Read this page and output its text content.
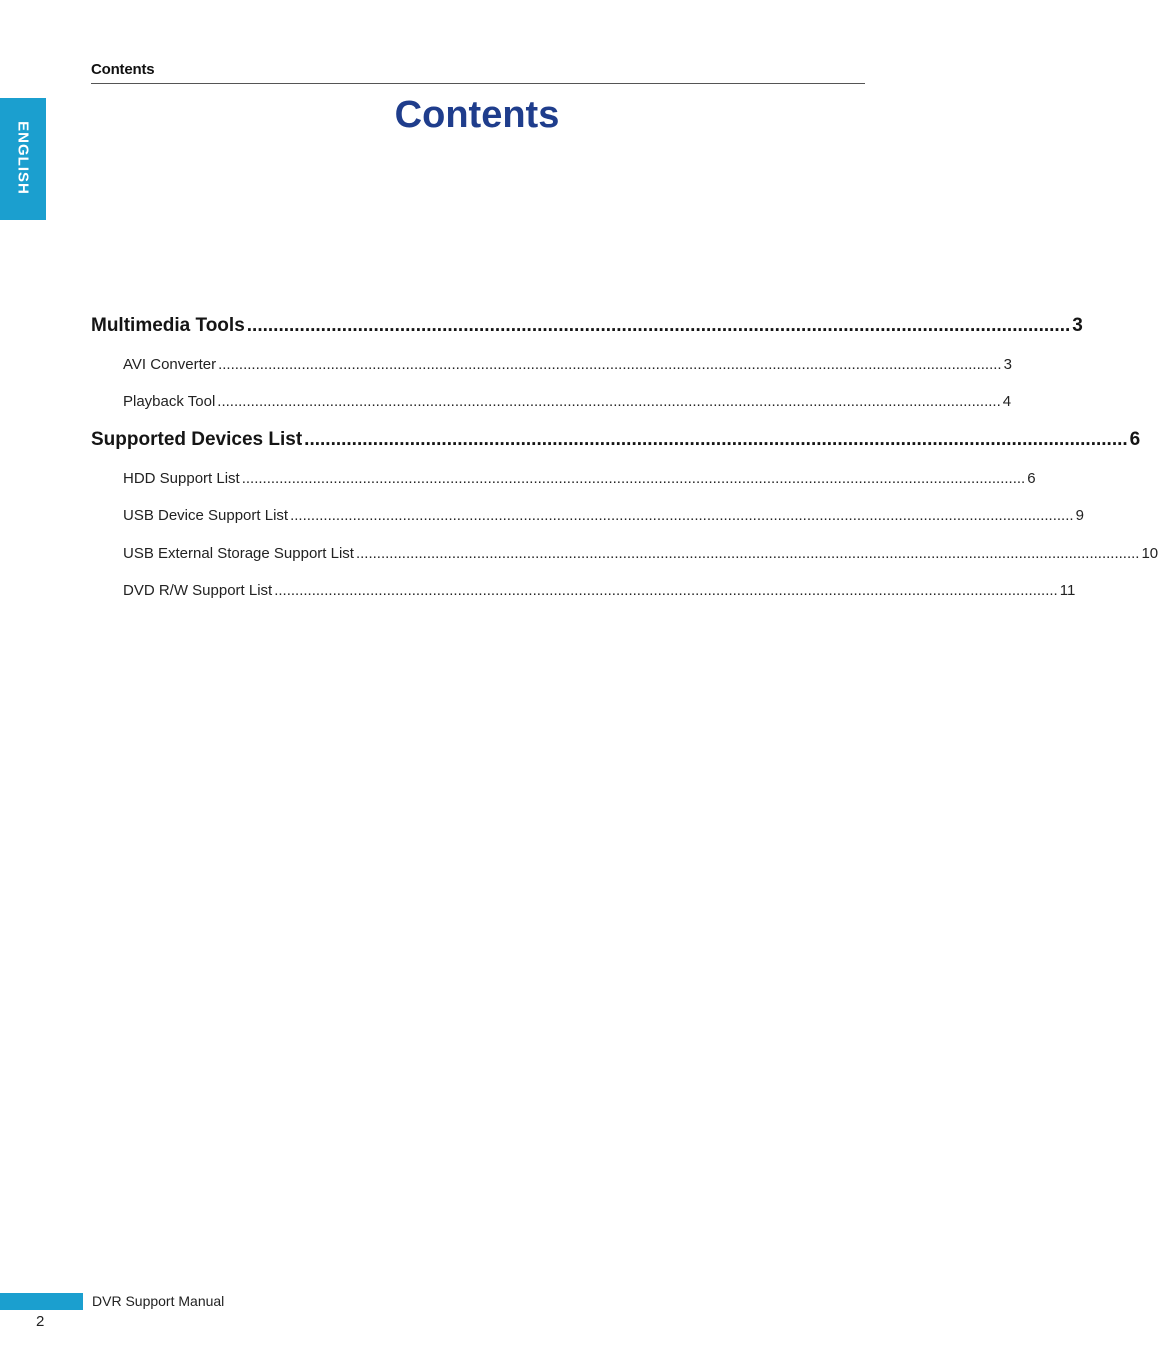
Contents
ENGLISH
Contents
Multimedia Tools ............................................................................................................................................................ 3
AVI Converter ............................................................................................................................................................................................ 3
Playback Tool ............................................................................................................................................................................................ 4
Supported Devices List ............................................................................................................................................................ 6
HDD Support List ............................................................................................................................................................................................ 6
USB Device Support List ............................................................................................................................................................................................ 9
USB External Storage Support List ............................................................................................................................................................................................ 10
DVD R/W Support List ............................................................................................................................................................................................ 11
DVR Support Manual
2
